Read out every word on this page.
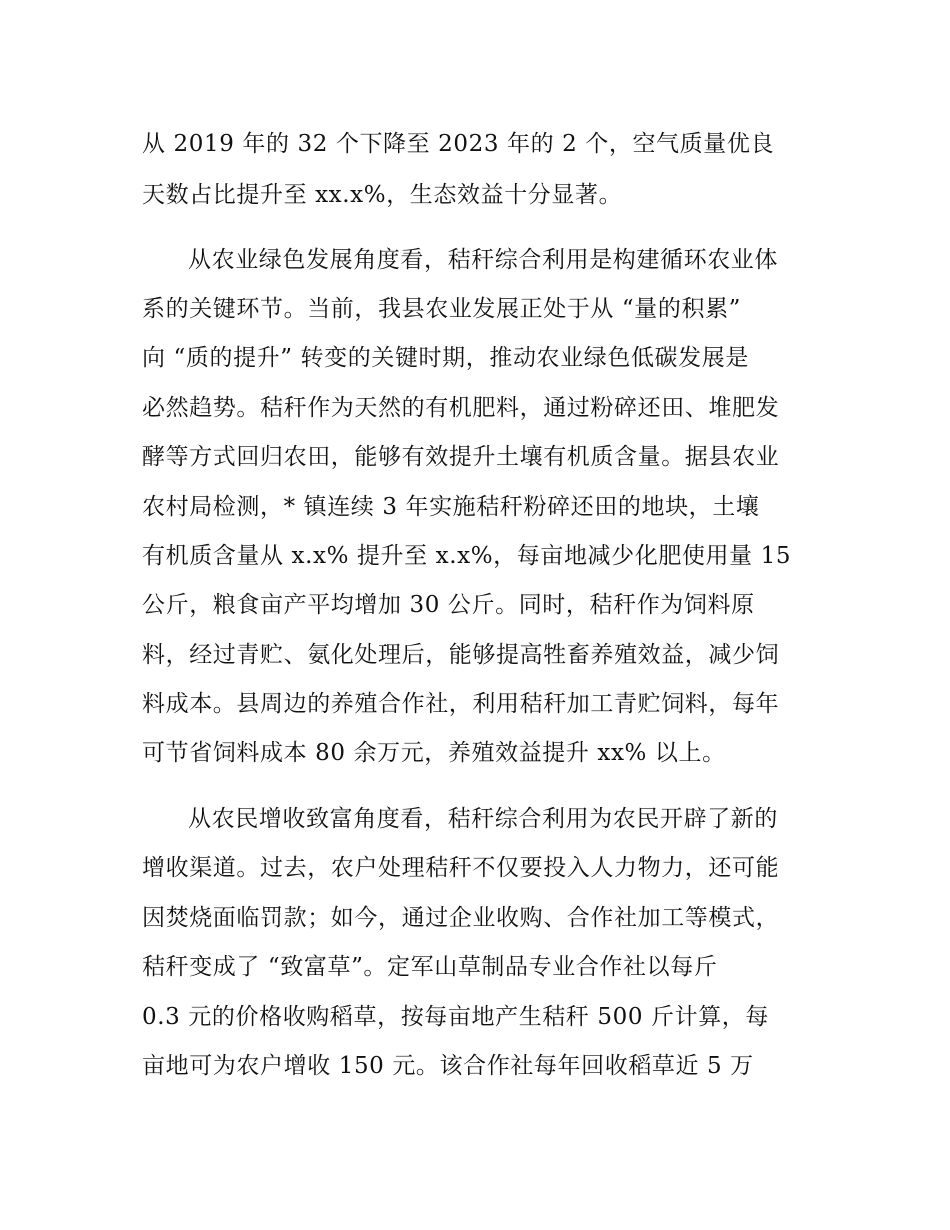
从 2019 年的 32 个下降至 2023 年的 2 个，空气质量优良
天数占比提升至 xx.x%，生态效益十分显著。
从农业绿色发展角度看，秸秆综合利用是构建循环农业体
系的关键环节。当前，我县农业发展正处于从 “量的积累”
向 “质的提升” 转变的关键时期，推动农业绿色低碳发展是
必然趋势。秸秆作为天然的有机肥料，通过粉碎还田、堆肥发
酵等方式回归农田，能够有效提升土壤有机质含量。据县农业
农村局检测，* 镇连续 3 年实施秸秆粉碎还田的地块，土壤
有机质含量从 x.x% 提升至 x.x%，每亩地减少化肥使用量 15
公斤，粮食亩产平均增加 30 公斤。同时，秸秆作为饲料原
料，经过青贮、氨化处理后，能够提高牲畜养殖效益，减少饲
料成本。县周边的养殖合作社，利用秸秆加工青贮饲料，每年
可节省饲料成本 80 余万元，养殖效益提升 xx% 以上。
从农民增收致富角度看，秸秆综合利用为农民开辟了新的
增收渠道。过去，农户处理秸秆不仅要投入人力物力，还可能
因焚烧面临罚款；如今，通过企业收购、合作社加工等模式，
秸秆变成了 “致富草”。定军山草制品专业合作社以每斤
0.3 元的价格收购稻草，按每亩地产生秸秆 500 斤计算，每
亩地可为农户增收 150 元。该合作社每年回收稻草近 5 万
